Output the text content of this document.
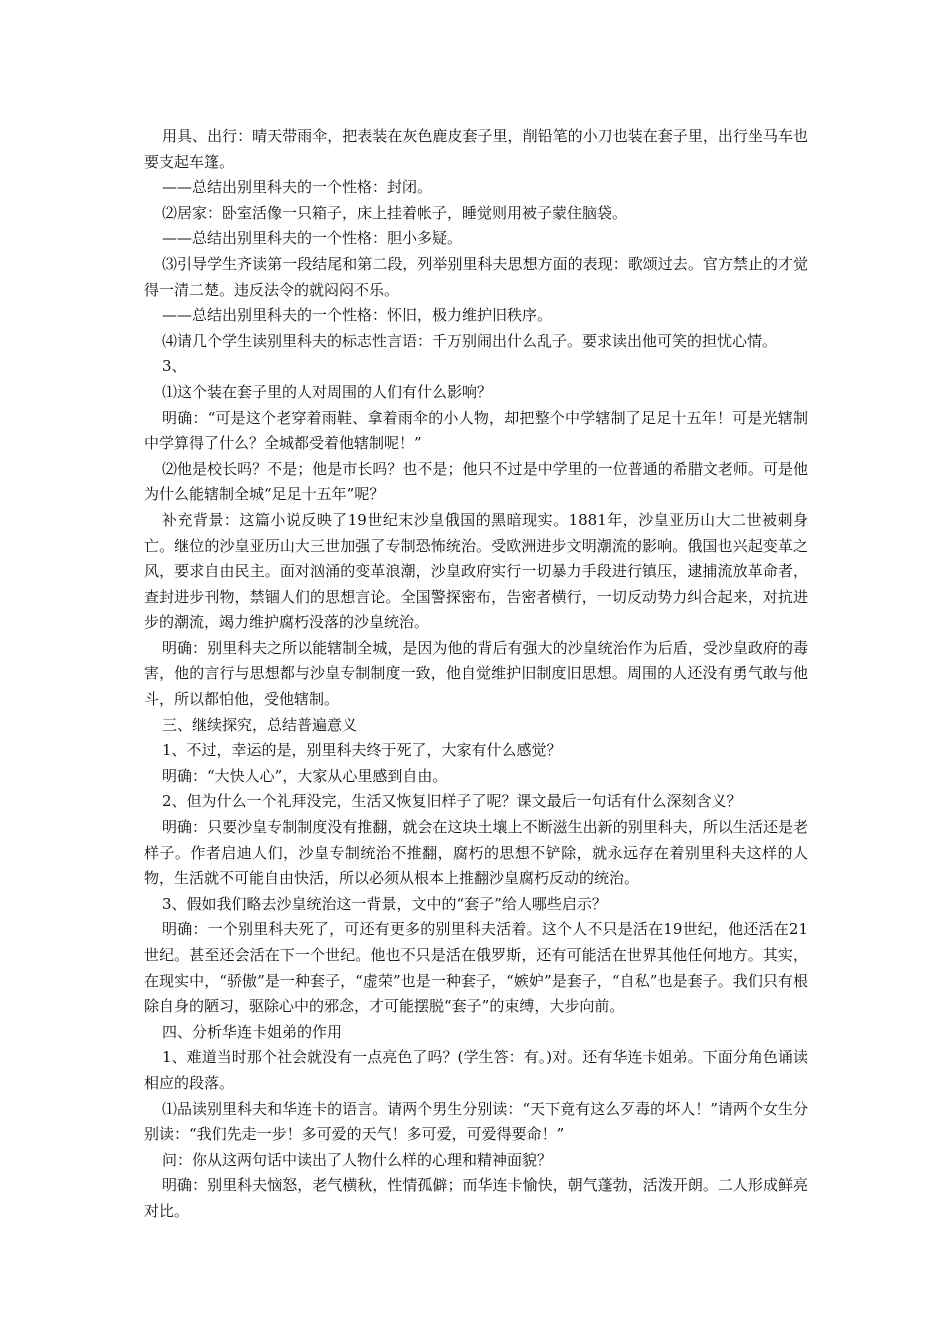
用具、出行：晴天带雨伞，把表装在灰色鹿皮套子里，削铅笔的小刀也装在套子里，出行坐马车也要支起车篷。

——总结出别里科夫的一个性格：封闭。

⑵居家：卧室活像一只箱子，床上挂着帐子，睡觉则用被子蒙住脑袋。

——总结出别里科夫的一个性格：胆小多疑。

⑶引导学生齐读第一段结尾和第二段，列举别里科夫思想方面的表现：歌颂过去。官方禁止的才觉得一清二楚。违反法令的就闷闷不乐。

——总结出别里科夫的一个性格：怀旧，极力维护旧秩序。

⑷请几个学生读别里科夫的标志性言语：千万别闹出什么乱子。要求读出他可笑的担忧心情。

3、

⑴这个装在套子里的人对周围的人们有什么影响？

明确：“可是这个老穿着雨鞋、拿着雨伞的小人物，却把整个中学辖制了足足十五年！可是光辖制中学算得了什么？全城都受着他辖制呢！”

⑵他是校长吗？不是；他是市长吗？也不是；他只不过是中学里的一位普通的希腊文老师。可是他为什么能辖制全城“足足十五年”呢？

补充背景：这篇小说反映了19世纪末沙皇俄国的黑暗现实。1881年，沙皇亚历山大二世被刺身亡。继位的沙皇亚历山大三世加强了专制恐怖统治。受欧洲进步文明潮流的影响。俄国也兴起变革之风，要求自由民主。面对汹涌的变革浪潮，沙皇政府实行一切暴力手段进行镇压，逮捕流放革命者，查封进步刊物，禁锢人们的思想言论。全国警探密布，告密者横行，一切反动势力纠合起来，对抗进步的潮流，竭力维护腐朽没落的沙皇统治。

明确：别里科夫之所以能辖制全城，是因为他的背后有强大的沙皇统治作为后盾，受沙皇政府的毒害，他的言行与思想都与沙皇专制制度一致，他自觉维护旧制度旧思想。周围的人还没有勇气敢与他斗，所以都怕他，受他辖制。

三、继续探究，总结普遍意义

1、不过，幸运的是，别里科夫终于死了，大家有什么感觉？

明确：“大快人心”，大家从心里感到自由。

2、但为什么一个礼拜没完，生活又恢复旧样子了呢？课文最后一句话有什么深刻含义？

明确：只要沙皇专制制度没有推翻，就会在这块土壤上不断滋生出新的别里科夫，所以生活还是老样子。作者启迪人们，沙皇专制统治不推翻，腐朽的思想不铲除，就永远存在着别里科夫这样的人物，生活就不可能自由快活，所以必须从根本上推翻沙皇腐朽反动的统治。

3、假如我们略去沙皇统治这一背景，文中的“套子”给人哪些启示？

明确：一个别里科夫死了，可还有更多的别里科夫活着。这个人不只是活在19世纪，他还活在21世纪。甚至还会活在下一个世纪。他也不只是活在俄罗斯，还有可能活在世界其他任何地方。其实，在现实中，“骄傲”是一种套子，“虚荣”也是一种套子，“嫉妒”是套子，“自私”也是套子。我们只有根除自身的陋习，驱除心中的邪念，才可能摆脱“套子”的束缚，大步向前。

四、分析华连卡姐弟的作用

1、难道当时那个社会就没有一点亮色了吗？(学生答：有。)对。还有华连卡姐弟。下面分角色诵读相应的段落。

⑴品读别里科夫和华连卡的语言。请两个男生分别读：“天下竟有这么歹毒的坏人！”请两个女生分别读：“我们先走一步！多可爱的天气！多可爱，可爱得要命！”

问：你从这两句话中读出了人物什么样的心理和精神面貌？

明确：别里科夫恼怒，老气横秋，性情孤僻；而华连卡愉快，朝气蓬勃，活泼开朗。二人形成鲜亮对比。
